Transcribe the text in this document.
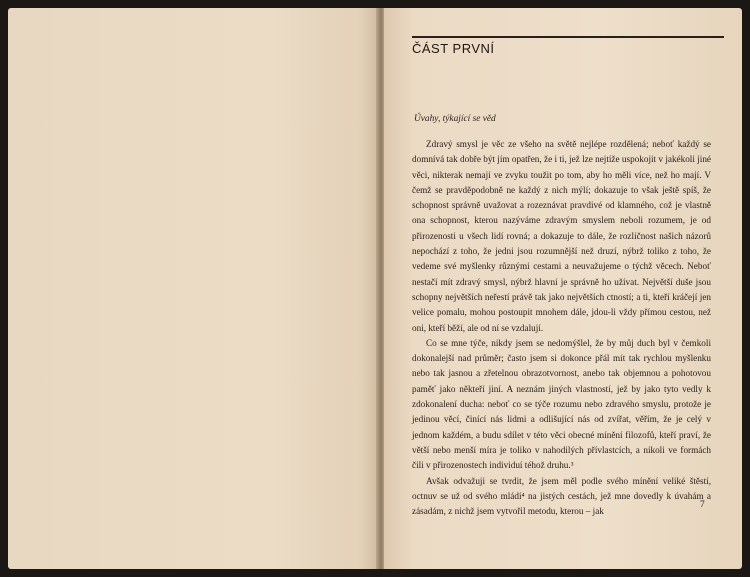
ČÁST PRVNÍ
Úvahy, týkající se věd

Zdravý smysl je věc ze všeho na světě nejlépe rozdělená; neboť každý se domnívá tak dobře být jím opatřen, že i ti, jež lze nejtíže uspokojit v jakékoli jiné věci, nikterak nemají ve zvyku toužit po tom, aby ho měli více, než ho mají. V čemž se pravděpodobně ne každý z nich mýlí; dokazuje to však ještě spíš, že schopnost správně uvažovat a rozeznávat pravdivé od klamného, což je vlastně ona schopnost, kterou nazýváme zdravým smyslem neboli rozumem, je od přirozenosti u všech lidí rovná; a dokazuje to dále, že rozličnost našich názorů nepochází z toho, že jedni jsou rozumnější než druzí, nýbrž toliko z toho, že vedeme své myšlenky různými cestami a neuvažujeme o týchž věcech. Neboť nestačí mít zdravý smysl, nýbrž hlavní je správně ho užívat. Největší duše jsou schopny největších neřestí právě tak jako největších ctností; a ti, kteří kráčejí jen velice pomalu, mohou postoupit mnohem dále, jdou-li vždy přímou cestou, než oni, kteří běží, ale od ní se vzdalují.

Co se mne týče, nikdy jsem se nedomýšlel, že by můj duch byl v čemkoli dokonalejší nad průměr; často jsem si dokonce přál mít tak rychlou myšlenku nebo tak jasnou a zřetelnou obrazotvornost, anebo tak objemnou a pohotovou paměť jako někteří jiní. A neznám jiných vlastností, jež by jako tyto vedly k zdokonalení ducha: neboť co se týče rozumu nebo zdravého smyslu, protože je jedinou věcí, činící nás lidmi a odlišující nás od zvířat, věřím, že je celý v jednom každém, a budu sdílet v této věci obecné mínění filozofů, kteří praví, že větší nebo menší míra je toliko v nahodilých přívlastcích, a nikoli ve formách čili v přirozenostech individuí téhož druhu.³

Avšak odvažuji se tvrdit, že jsem měl podle svého mínění veliké štěstí, octnuv se už od svého mládí⁴ na jistých cestách, jež mne dovedly k úvahám a zásadám, z nichž jsem vytvořil metodu, kterou – jak

7
